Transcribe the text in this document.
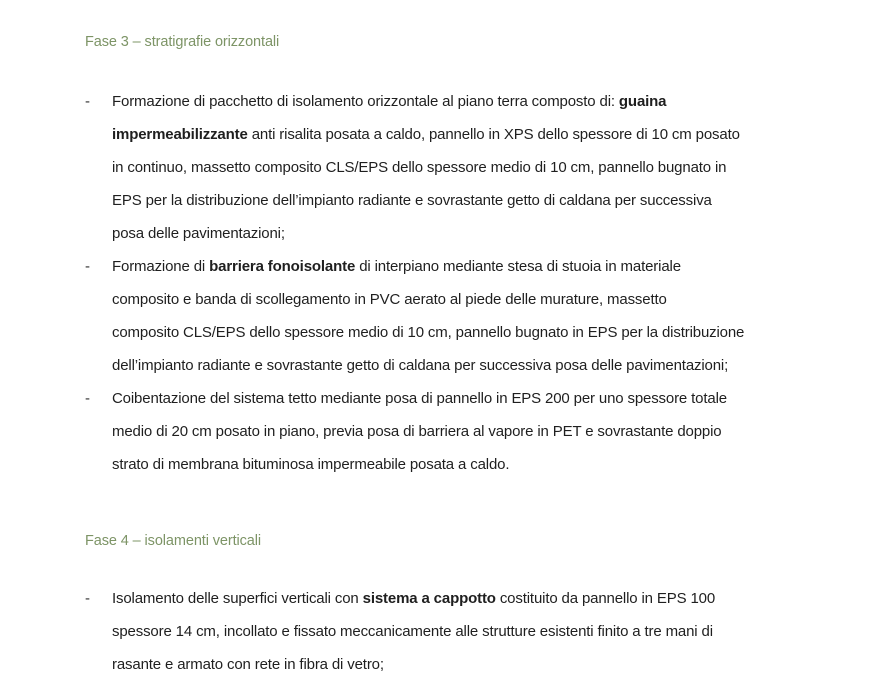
Fase 3 – stratigrafie orizzontali
- Formazione di pacchetto di isolamento orizzontale al piano terra composto di: guaina
impermeabilizzante anti risalita posata a caldo, pannello in XPS dello spessore di 10 cm posato
in continuo, massetto composito CLS/EPS dello spessore medio di 10 cm, pannello bugnato in
EPS per la distribuzione dell’impianto radiante e sovrastante getto di caldana per successiva
posa delle pavimentazioni;
- Formazione di barriera fonoisolante di interpiano mediante stesa di stuoia in materiale
composito e banda di scollegamento in PVC aerato al piede delle murature, massetto
composito CLS/EPS dello spessore medio di 10 cm, pannello bugnato in EPS per la distribuzione
dell’impianto radiante e sovrastante getto di caldana per successiva posa delle pavimentazioni;
- Coibentazione del sistema tetto mediante posa di pannello in EPS 200 per uno spessore totale
medio di 20 cm posato in piano, previa posa di barriera al vapore in PET e sovrastante doppio
strato di membrana bituminosa impermeabile posata a caldo.
Fase 4 – isolamenti verticali
- Isolamento delle superfici verticali con sistema a cappotto costituito da pannello in EPS 100
spessore 14 cm, incollato e fissato meccanicamente alle strutture esistenti finito a tre mani di
rasante e armato con rete in fibra di vetro;
